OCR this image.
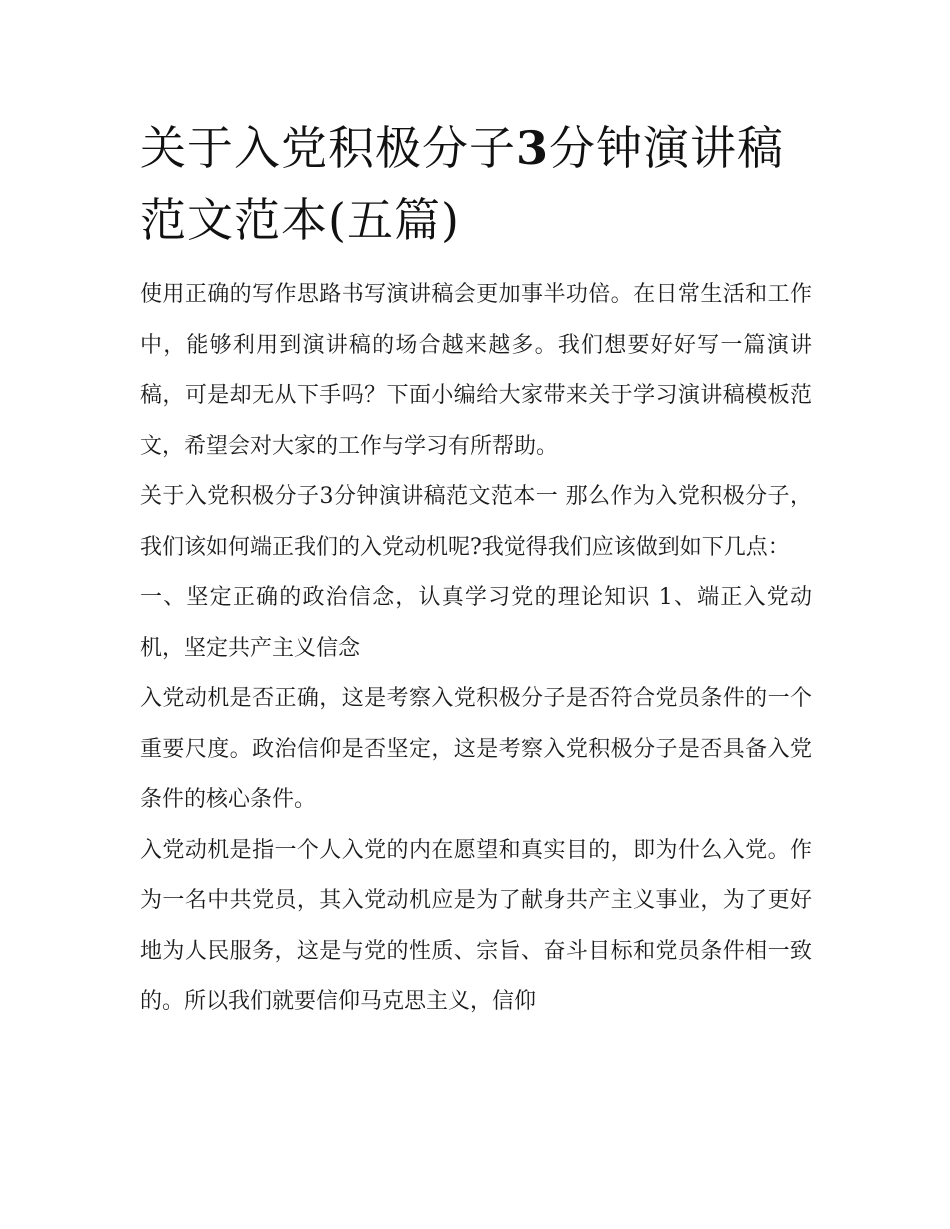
关于入党积极分子3分钟演讲稿范文范本(五篇)

使用正确的写作思路书写演讲稿会更加事半功倍。在日常生活和工作中，能够利用到演讲稿的场合越来越多。我们想要好好写一篇演讲稿，可是却无从下手吗？下面小编给大家带来关于学习演讲稿模板范文，希望会对大家的工作与学习有所帮助。

关于入党积极分子3分钟演讲稿范文范本一 那么作为入党积极分子，我们该如何端正我们的入党动机呢?我觉得我们应该做到如下几点：

一、坚定正确的政治信念，认真学习党的理论知识 1、端正入党动机，坚定共产主义信念

入党动机是否正确，这是考察入党积极分子是否符合党员条件的一个重要尺度。政治信仰是否坚定，这是考察入党积极分子是否具备入党条件的核心条件。

入党动机是指一个人入党的内在愿望和真实目的，即为什么入党。作为一名中共党员，其入党动机应是为了献身共产主义事业，为了更好地为人民服务，这是与党的性质、宗旨、奋斗目标和党员条件相一致的。所以我们就要信仰马克思主义，信仰
